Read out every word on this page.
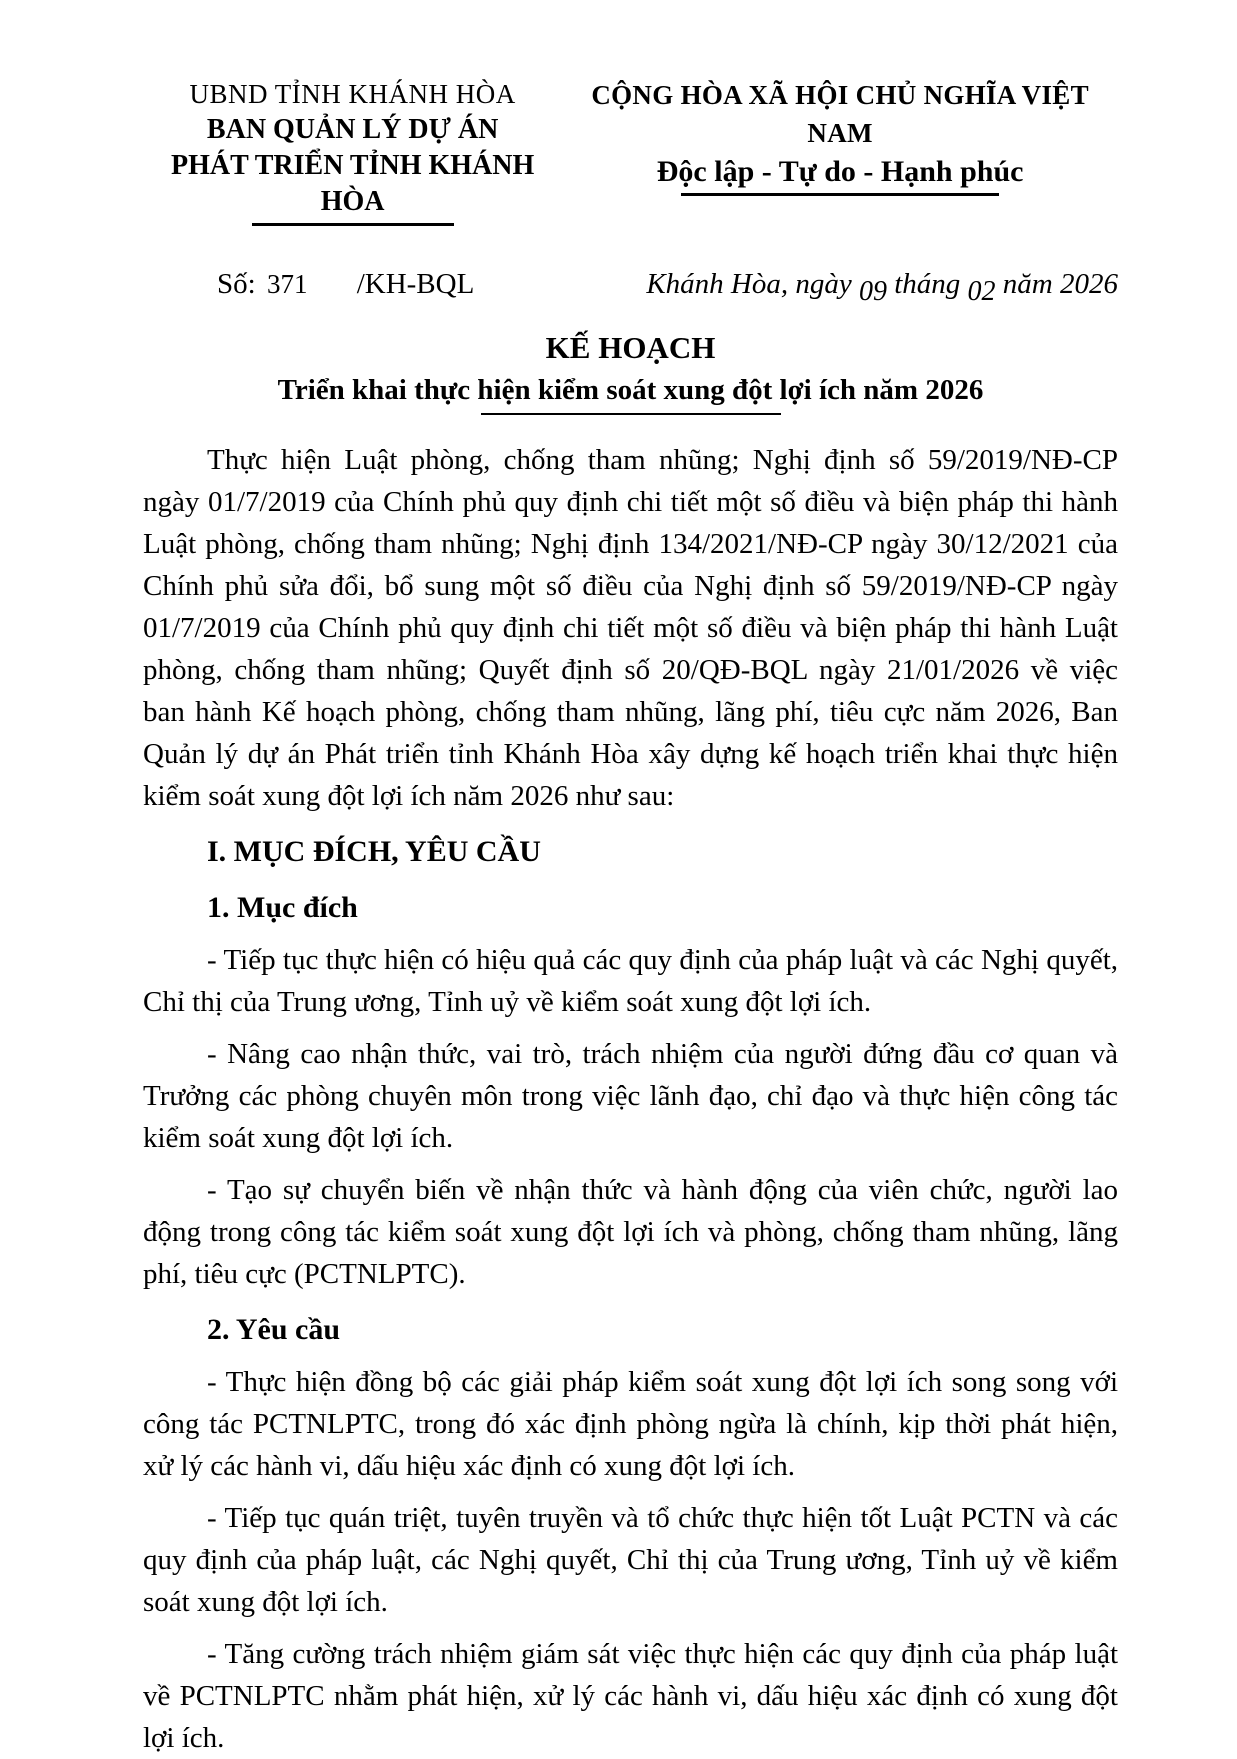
UBND TỈNH KHÁNH HÒA
BAN QUẢN LÝ DỰ ÁN
PHÁT TRIỂN TỈNH KHÁNH HÒA
CỘNG HÒA XÃ HỘI CHỦ NGHĨA VIỆT NAM
Độc lập - Tự do - Hạnh phúc
Số: 371 /KH-BQL	Khánh Hòa, ngày 09 tháng 02 năm 2026
KẾ HOẠCH
Triển khai thực hiện kiểm soát xung đột lợi ích năm 2026

Thực hiện Luật phòng, chống tham nhũng; Nghị định số 59/2019/NĐ-CP ngày 01/7/2019 của Chính phủ quy định chi tiết một số điều và biện pháp thi hành Luật phòng, chống tham nhũng; Nghị định 134/2021/NĐ-CP ngày 30/12/2021 của Chính phủ sửa đổi, bổ sung một số điều của Nghị định số 59/2019/NĐ-CP ngày 01/7/2019 của Chính phủ quy định chi tiết một số điều và biện pháp thi hành Luật phòng, chống tham nhũng; Quyết định số 20/QĐ-BQL ngày 21/01/2026 về việc ban hành Kế hoạch phòng, chống tham nhũng, lãng phí, tiêu cực năm 2026, Ban Quản lý dự án Phát triển tỉnh Khánh Hòa xây dựng kế hoạch triển khai thực hiện kiểm soát xung đột lợi ích năm 2026 như sau:

I. MỤC ĐÍCH, YÊU CẦU
1. Mục đích

- Tiếp tục thực hiện có hiệu quả các quy định của pháp luật và các Nghị quyết, Chỉ thị của Trung ương, Tỉnh uỷ về kiểm soát xung đột lợi ích.

- Nâng cao nhận thức, vai trò, trách nhiệm của người đứng đầu cơ quan và Trưởng các phòng chuyên môn trong việc lãnh đạo, chỉ đạo và thực hiện công tác kiểm soát xung đột lợi ích.

- Tạo sự chuyển biến về nhận thức và hành động của viên chức, người lao động trong công tác kiểm soát xung đột lợi ích và phòng, chống tham nhũng, lãng phí, tiêu cực (PCTNLPTC).

2. Yêu cầu

- Thực hiện đồng bộ các giải pháp kiểm soát xung đột lợi ích song song với công tác PCTNLPTC, trong đó xác định phòng ngừa là chính, kịp thời phát hiện, xử lý các hành vi, dấu hiệu xác định có xung đột lợi ích.

- Tiếp tục quán triệt, tuyên truyền và tổ chức thực hiện tốt Luật PCTN và các quy định của pháp luật, các Nghị quyết, Chỉ thị của Trung ương, Tỉnh uỷ về kiểm soát xung đột lợi ích.

- Tăng cường trách nhiệm giám sát việc thực hiện các quy định của pháp luật về PCTNLPTC nhằm phát hiện, xử lý các hành vi, dấu hiệu xác định có xung đột lợi ích.
